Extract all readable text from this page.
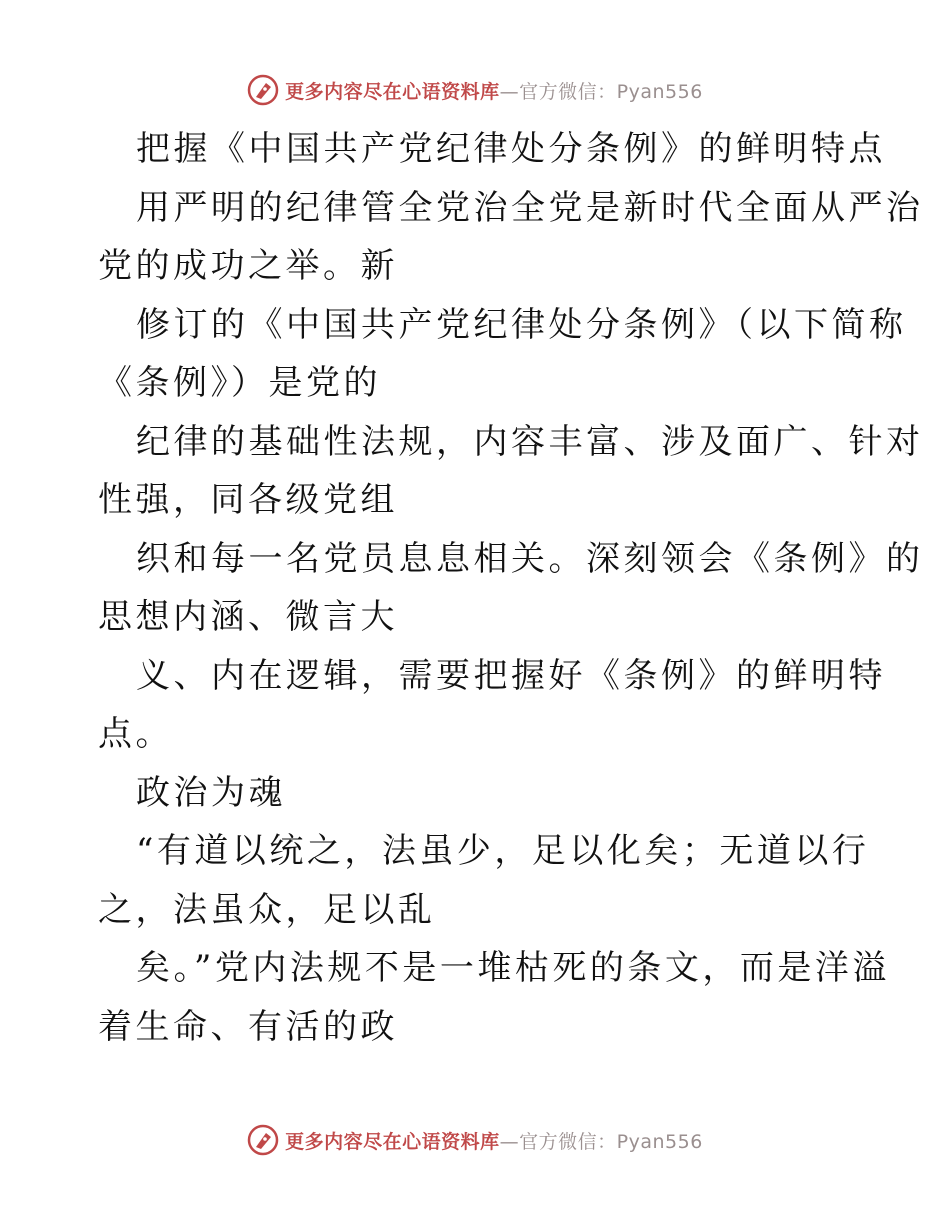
更多内容尽在心语资料库—官方微信：Pyan556

把握《中国共产党纪律处分条例》的鲜明特点
用严明的纪律管全党治全党是新时代全面从严治
党的成功之举。新
修订的《中国共产党纪律处分条例》（以下简称
《条例》）是党的
纪律的基础性法规，内容丰富、涉及面广、针对
性强，同各级党组
织和每一名党员息息相关。深刻领会《条例》的
思想内涵、微言大
义、内在逻辑，需要把握好《条例》的鲜明特
点。
政治为魂
“有道以统之，法虽少，足以化矣；无道以行
之，法虽众，足以乱
矣。”党内法规不是一堆枯死的条文，而是洋溢
着生命、有活的政

更多内容尽在心语资料库—官方微信：Pyan556
